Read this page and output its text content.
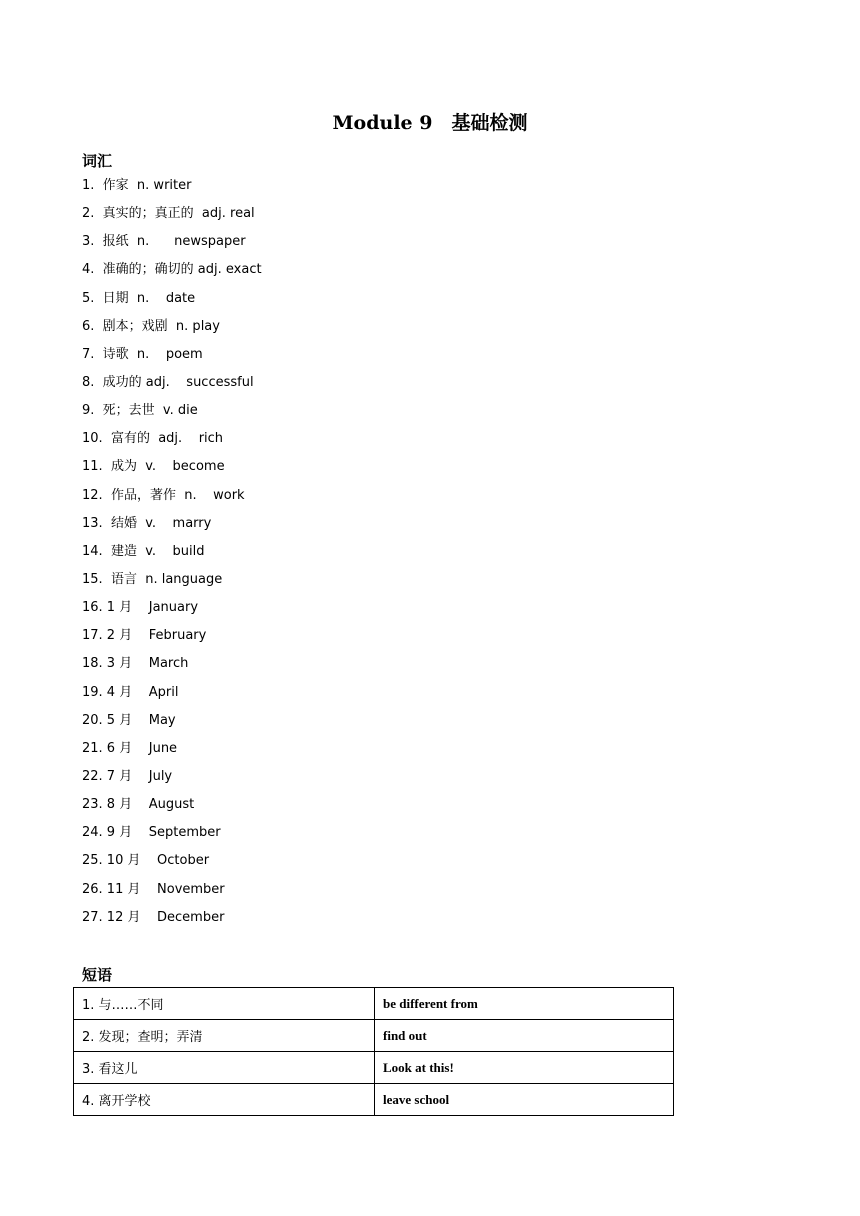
Module 9　基础检测
词汇
1.  作家  n. writer
2.  真实的；真正的  adj. real
3.  报纸  n.      newspaper
4.  准确的；确切的 adj. exact
5.  日期  n.    date
6.  剧本；戏剧  n. play
7.  诗歌  n.    poem
8.  成功的 adj.    successful
9.  死；去世  v. die
10.  富有的  adj.    rich
11.  成为  v.    become
12.  作品，著作  n.    work
13.  结婚  v.    marry
14.  建造  v.    build
15.  语言  n. language
16. 1 月    January
17. 2 月    February
18. 3 月    March
19. 4 月    April
20. 5 月    May
21. 6 月    June
22. 7 月    July
23. 8 月    August
24. 9 月    September
25. 10 月    October
26. 11 月    November
27. 12 月    December
短语
1. 与……不同	be different from
2. 发现；查明；弄清	find out
3. 看这儿	Look at this!
4. 离开学校	leave school
